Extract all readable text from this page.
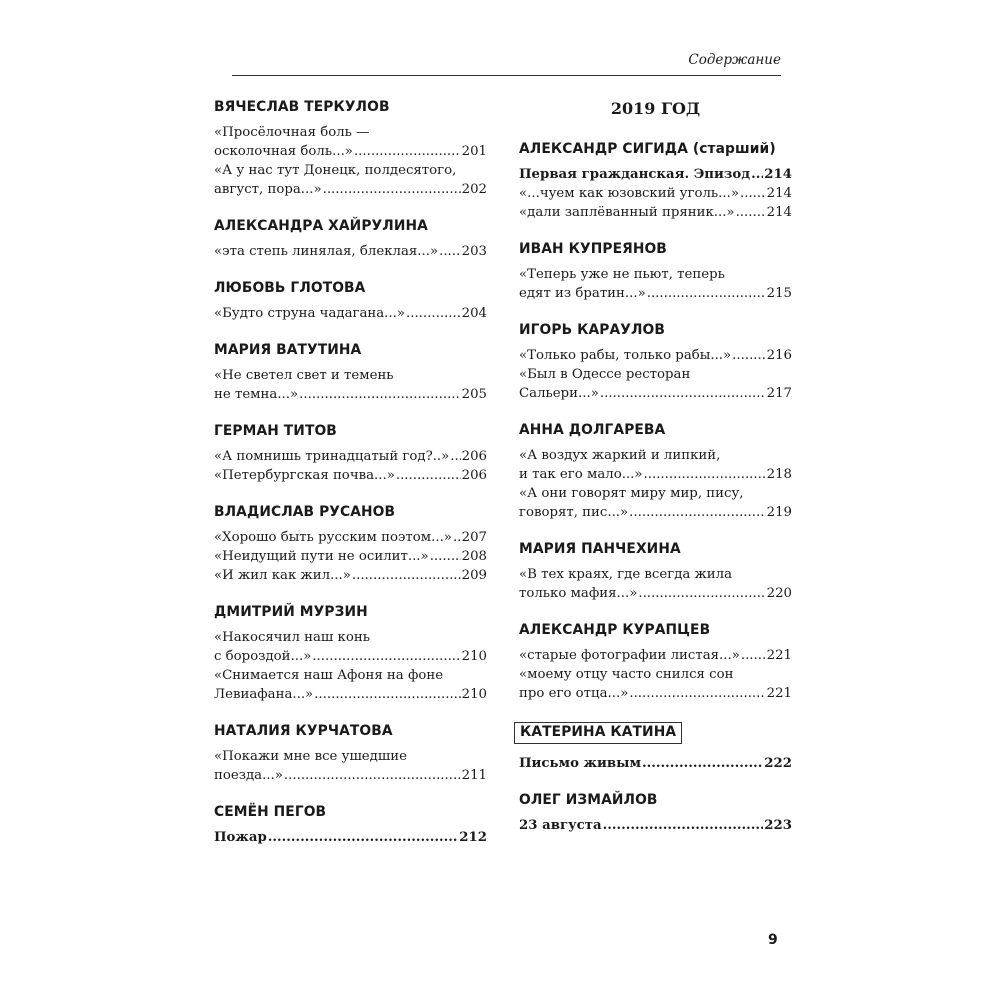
Содержание
ВЯЧЕСЛАВ ТЕРКУЛОВ
«Просёлочная боль —
осколочная боль...» .....	201
«А у нас тут Донецк, полдесятого,
август, пора...» .....	202
АЛЕКСАНДРА ХАЙРУЛИНА
«эта степь линялая, блеклая...» ..... 203
ЛЮБОВЬ ГЛОТОВА
«Будто струна чадагана...» .....	204
МАРИЯ ВАТУТИНА
«Не светел свет и темень
не темна...» .....	205
ГЕРМАН ТИТОВ
«А помнишь тринадцатый год?..» ..... 206
«Петербургская почва...» .....	206
ВЛАДИСЛАВ РУСАНОВ
«Хорошо быть русским поэтом...» ..... 207
«Неидущий пути не осилит...» ..... 208
«И жил как жил...» .....	209
ДМИТРИЙ МУРЗИН
«Накосячил наш конь
с бороздой...» .....	210
«Снимается наш Афоня на фоне
Левиафана...» .....	210
НАТАЛИЯ КУРЧАТОВА
«Покажи мне все ушедшие
поезда...» .....	211
СЕМЁН ПЕГОВ
Пожар .....	212
2019 ГОД
АЛЕКСАНДР СИГИДА (старший)
Первая гражданская. Эпизод ..... 214
«...чуем как юзовский уголь...» ..... 214
«дали заплёванный пряник...» ..... 214
ИВАН КУПРЕЯНОВ
«Теперь уже не пьют, теперь
едят из братин...» .....	215
ИГОРЬ КАРАУЛОВ
«Только рабы, только рабы...» .....	216
«Был в Одессе ресторан
Сальери...» .....	217
АННА ДОЛГАРЕВА
«А воздух жаркий и липкий,
и так его мало...» .....	218
«А они говорят миру мир, пису,
говорят, пис...» .....	219
МАРИЯ ПАНЧЕХИНА
«В тех краях, где всегда жила
только мафия...» .....	220
АЛЕКСАНДР КУРАПЦЕВ
«старые фотографии листая...» ..... 221
«моему отцу часто снился сон
про его отца...» .....	221
КАТЕРИНА КАТИНА
Письмо живым .....	222
ОЛЕГ ИЗМАЙЛОВ
23 августа .....	223
9
